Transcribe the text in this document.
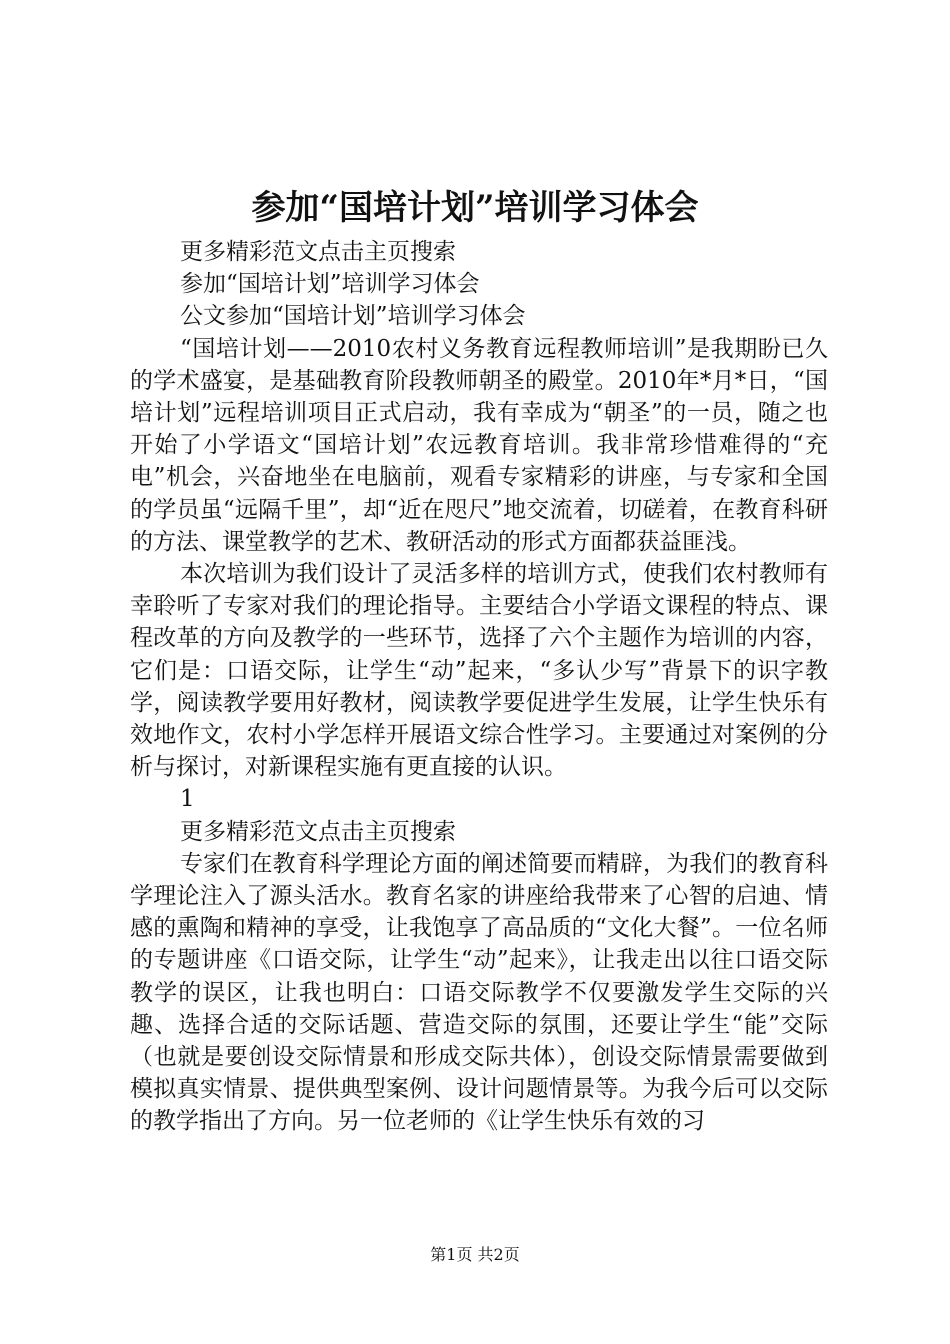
参加“国培计划”培训学习体会

更多精彩范文点击主页搜索

参加“国培计划”培训学习体会

公文参加“国培计划”培训学习体会

“国培计划——2010农村义务教育远程教师培训”是我期盼已久的学术盛宴，是基础教育阶段教师朝圣的殿堂。2010年*月*日，“国培计划”远程培训项目正式启动，我有幸成为“朝圣”的一员，随之也开始了小学语文“国培计划”农远教育培训。我非常珍惜难得的“充电”机会，兴奋地坐在电脑前，观看专家精彩的讲座，与专家和全国的学员虽“远隔千里”，却“近在咫尺”地交流着，切磋着，在教育科研的方法、课堂教学的艺术、教研活动的形式方面都获益匪浅。

本次培训为我们设计了灵活多样的培训方式，使我们农村教师有幸聆听了专家对我们的理论指导。主要结合小学语文课程的特点、课程改革的方向及教学的一些环节，选择了六个主题作为培训的内容，它们是：口语交际，让学生“动”起来，“多认少写”背景下的识字教学，阅读教学要用好教材，阅读教学要促进学生发展，让学生快乐有效地作文，农村小学怎样开展语文综合性学习。主要通过对案例的分析与探讨，对新课程实施有更直接的认识。

1

更多精彩范文点击主页搜索

专家们在教育科学理论方面的阐述简要而精辟，为我们的教育科学理论注入了源头活水。教育名家的讲座给我带来了心智的启迪、情感的熏陶和精神的享受，让我饱享了高品质的“文化大餐”。一位名师的专题讲座《口语交际，让学生“动”起来》，让我走出以往口语交际教学的误区，让我也明白：口语交际教学不仅要激发学生交际的兴趣、选择合适的交际话题、营造交际的氛围，还要让学生“能”交际（也就是要创设交际情景和形成交际共体），创设交际情景需要做到模拟真实情景、提供典型案例、设计问题情景等。为我今后可以交际的教学指出了方向。另一位老师的《让学生快乐有效的习

第1页 共2页
